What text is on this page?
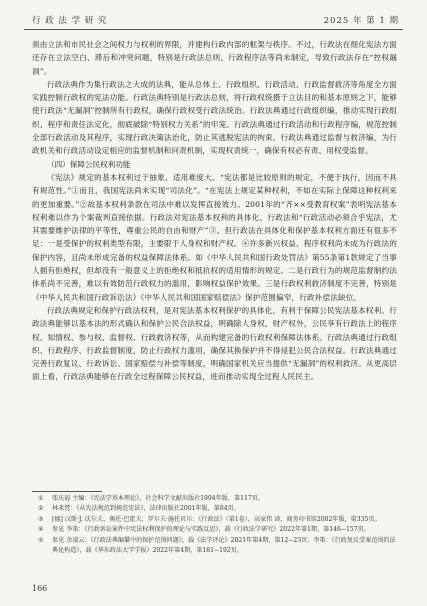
行 政 法 学 研 究	2025 年 第 1 期

须由立法和市民社会之间权力与权利的界限，并建构行政内部的框架与秩序。不过，行政法在细化宪法方面还存在立法空白、滞后和冲突问题，特别是行政法总则、行政程序法等尚未制定，导致行政法存在“控权漏洞”。

行政法典作为集行政法之大成的法典，能从总体上、行政组织、行政活动、行政监督救济等角度全方面实践控制行政权的宪法功能。行政法典特别是行政法总则，将行政权统摄于立法目的和基本原则之下，能够使行政法“无漏洞”控制所有行政权，确保行政权受行政法统治。行政法典通过行政组织编，推动实现行政组织、程序和责任法定化，彻底破除“特别权力关系”的牢笼。行政法典通过行政活动和行政程序编，规范控制全部行政活动及其程序，实现行政决策法治化，防止其逃脱宪法的拘束。行政法典通过监督与救济编，为行政机关和行政活动设定相应的监督机制和问责机制，实现权责统一，确保有权必有责、用权受监督。

（四）保障公民权利功能

《宪法》规定的基本权利过于抽象、适用难度大。“宪法都是比较原则的规定，不便于执行，因而不具有规范性。”①而且，我国宪法尚未实现“司法化”。“在宪法上规定某种权利，不如在实际上保障这种权利来的更加重要。”②故基本权利条款在司法中难以发挥直接效力。2001年的“齐××受教育权案”表明宪法基本权利难以作为个案裁判直接依据。行政法对宪法基本权利的具体化、行政法和“行政活动必须合乎宪法，尤其需要维护法律的平等性，尊重公民的自由和财产”③。但行政法在具体化和保护基本权利方面还有很多不足：一是受保护的权利类型有限，主要限于人身权和财产权。④许多新兴权益、程序权利尚未成为行政法的保护内容，且尚未形成完备的权益保障法体系。如《中华人民共和国行政处罚法》第55条第1款规定了当事人拥有拒绝权，但却没有一般意义上的拒绝权和抵抗权的适用情形的规定。二是行政行为的规范监督制约法体系尚不完善，难以有效防范行政权力的滥用，影响权益保护效果。三是行政权利救济制度不完善，特别是《中华人民共和国行政诉讼法》《中华人民共和国国家赔偿法》保护范围偏窄，行政补偿法缺位。

行政法典规定和保护行政法权利，是对宪法基本权利保护的具体化，有利于保障公民宪法基本权利。行政法典能够以基本法的形式确认和保护公民合法权益，明确除人身权、财产权外，公民享有行政法上的程序权、知情权、参与权、监督权、行政救济权等，从而构建完备的行政权利保障法体系。行政法典通过行政组织、行政程序、行政监督制度，防止行政权力滥用，确保其换保护并不得侵犯公民合法权益。行政法典通过完善行政复议、行政诉讼、国家赔偿与补偿等制度，明确国家机关应当提供“无漏洞”的权利救济。从更高层面上看，行政法典能够在行政全过程保障公民权益，进而推动实现全过程人民民主。

① 张庆福 主编：《宪法学基本理论》，社会科学文献出版社1994年版，第117页。

② 林来梵：《从宪法规范到规范宪法》，法律出版社2001年版，第84页。

③ [德] 汉斯·J. 沃尔夫、奥托·巴霍夫、罗尔夫·施托贝尔：《行政法》（第1卷），高家伟 译，商务印书馆2002年版，第335页。

④ 参见 李策：《行政诉讼案件中宪法权利保护的理论与实践反思》，载《行政法学研究》2022年第1期，第146−157页。

⑤ 参见 余凌云：《行政法典编纂中的保护范围问题》，载《法学评论》2021年第4期，第12−23页；李策：《行政复议受案范围的法典化构造》，载《华东政法大学学报》2022年第4期，第181−192页。

166
